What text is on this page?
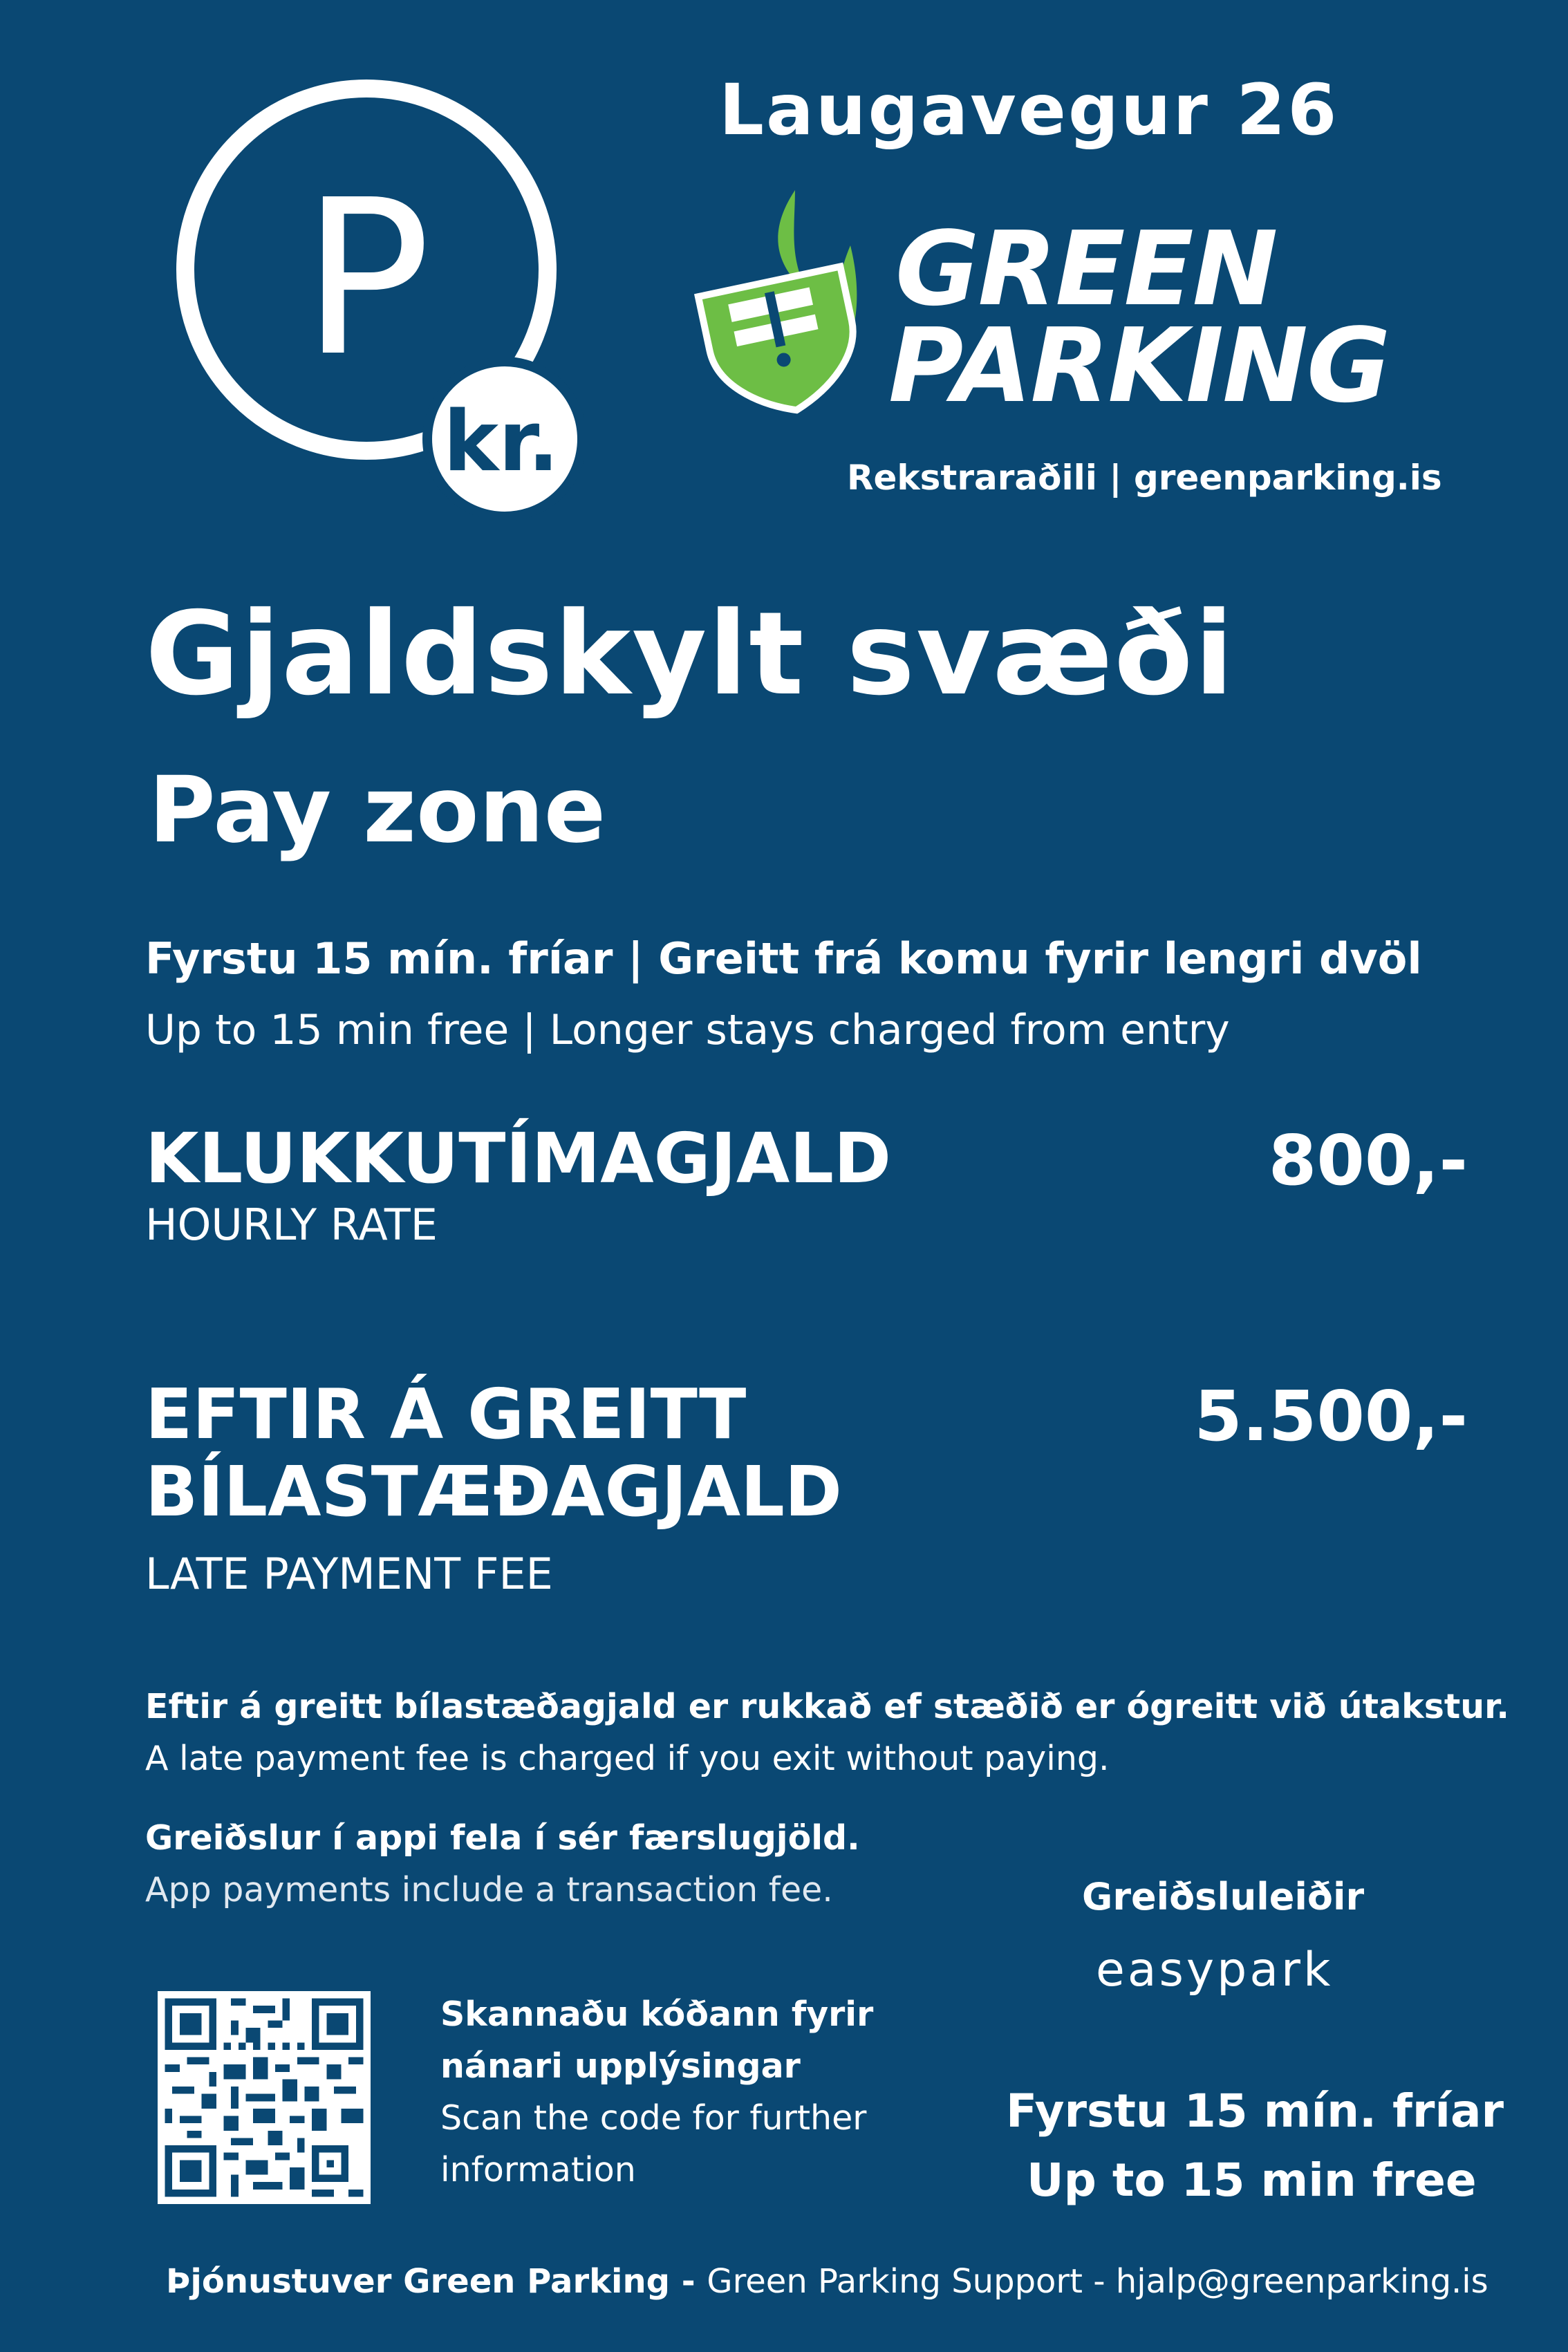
P
kr.
Laugavegur 26
GREEN
PARKING
Rekstraraðili | greenparking.is
Gjaldskylt svæði
Pay zone
Fyrstu 15 mín. fríar | Greitt frá komu fyrir lengri dvöl
Up to 15 min free | Longer stays charged from entry
KLUKKUTÍMAGJALD
HOURLY RATE
800,-
EFTIR Á GREITT
BÍLASTÆÐAGJALD
LATE PAYMENT FEE
5.500,-
Eftir á greitt bílastæðagjald er rukkað ef stæðið er ógreitt við útakstur.
A late payment fee is charged if you exit without paying.
Greiðslur í appi fela í sér færslugjöld.
App payments include a transaction fee.	Greiðsluleiðir
easypark
Skannaðu kóðann fyrir
nánari upplýsingar
Scan the code for further
information
Fyrstu 15 mín. fríar
Up to 15 min free
Þjónustuver Green Parking - Green Parking Support - hjalp@greenparking.is
